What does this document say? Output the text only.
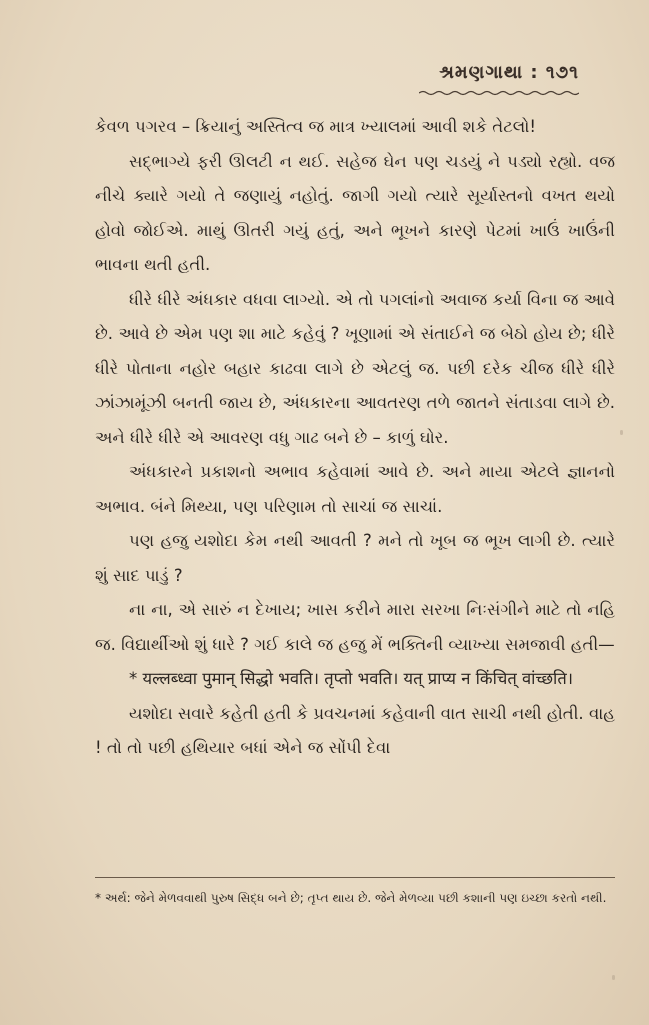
શ્રમણગાથા : ૧૭૧

કેવળ પગરવ – ક્રિયાનું અસ્તિત્વ જ માત્ર ખ્યાલમાં આવી શકે તેટલો!

સદ્ભાગ્યે ફરી ઊલટી ન થઈ. સહેજ ઘેન પણ ચડયું ને પડ્યો રહ્યો. વજ નીચે ક્યારે ગયો તે જણાયું નહોતું. જાગી ગયો ત્યારે સૂર્યાસ્તનો વખત થયો હોવો જોઈએ. માથું ઊતરી ગયું હતું, અને ભૂખને કારણે પેટમાં ખાઉં ખાઉંની ભાવના થતી હતી.

ધીરે ધીરે અંધકાર વધવા લાગ્યો. એ તો પગલાંનો અવાજ કર્યા વિના જ આવે છે. આવે છે એમ પણ શા માટે કહેવું ? ખૂણામાં એ સંતાઈને જ બેઠો હોય છે; ધીરે ધીરે પોતાના નહોર બહાર કાઢવા લાગે છે એટલું જ. પછી દરેક ચીજ ધીરે ધીરે ઝાંઝામૂંઝી બનતી જાય છે, અંધકારના આવતરણ તળે જાતને સંતાડવા લાગે છે. અને ધીરે ધીરે એ આવરણ વધુ ગાઢ બને છે – કાળું ઘોર.

અંધકારને પ્રકાશનો અભાવ કહેવામાં આવે છે. અને માયા એટલે જ્ઞાનનો અભાવ. બંને મિથ્યા, પણ પરિણામ તો સાચાં જ સાચાં.

પણ હજુ યશોદા કેમ નથી આવતી ? મને તો ખૂબ જ ભૂખ લાગી છે. ત્યારે શું સાદ પાડું ?

ના ના, એ સારું ન દેખાય; ખાસ કરીને મારા સરખા નિઃસંગીને માટે તો નહિ જ. વિદ્યાર્થીઓ શું ધારે ? ગઈ કાલે જ હજુ મેં ભક્તિની વ્યાખ્યા સમજાવી હતી—

* यल्लब्ध्वा पुमान् सिद्धो भवति। तृप्तो भवति। यत् प्राप्य न किंचित् वांच्छति।

યશોદા સવારે કહેતી હતી કે પ્રવચનમાં કહેવાની વાત સાચી નથી હોતી. વાહ ! તો તો પછી હથિયાર બધાં એને જ સોંપી દેવા

* અર્થ: જેને મેળવવાથી પુરુષ સિદ્ધ બને છે; તૃપ્ત થાય છે. જેને મેળવ્યા પછી કશાની પણ ઇચ્છા કરતો નથી.
